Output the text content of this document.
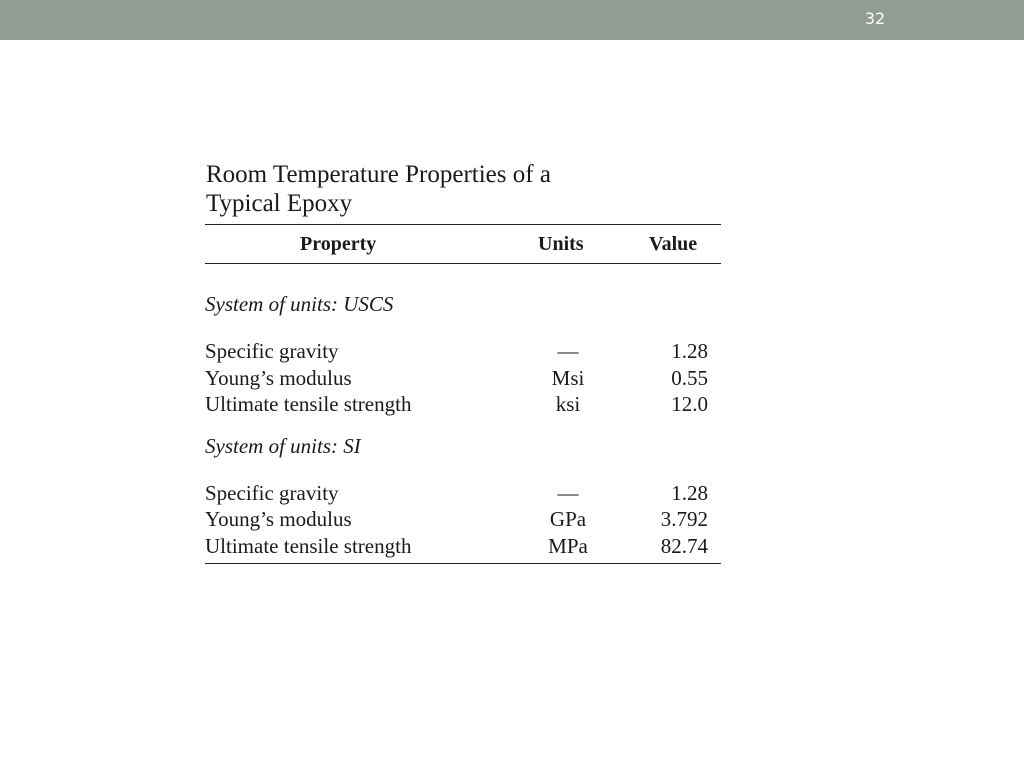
32
Room Temperature Properties of a
Typical Epoxy
Property	Units	Value
System of units: USCS
Specific gravity	—	1.28
Young’s modulus	Msi	0.55
Ultimate tensile strength	ksi	12.0
System of units: SI
Specific gravity	—	1.28
Young’s modulus	GPa	3.792
Ultimate tensile strength	MPa	82.74
